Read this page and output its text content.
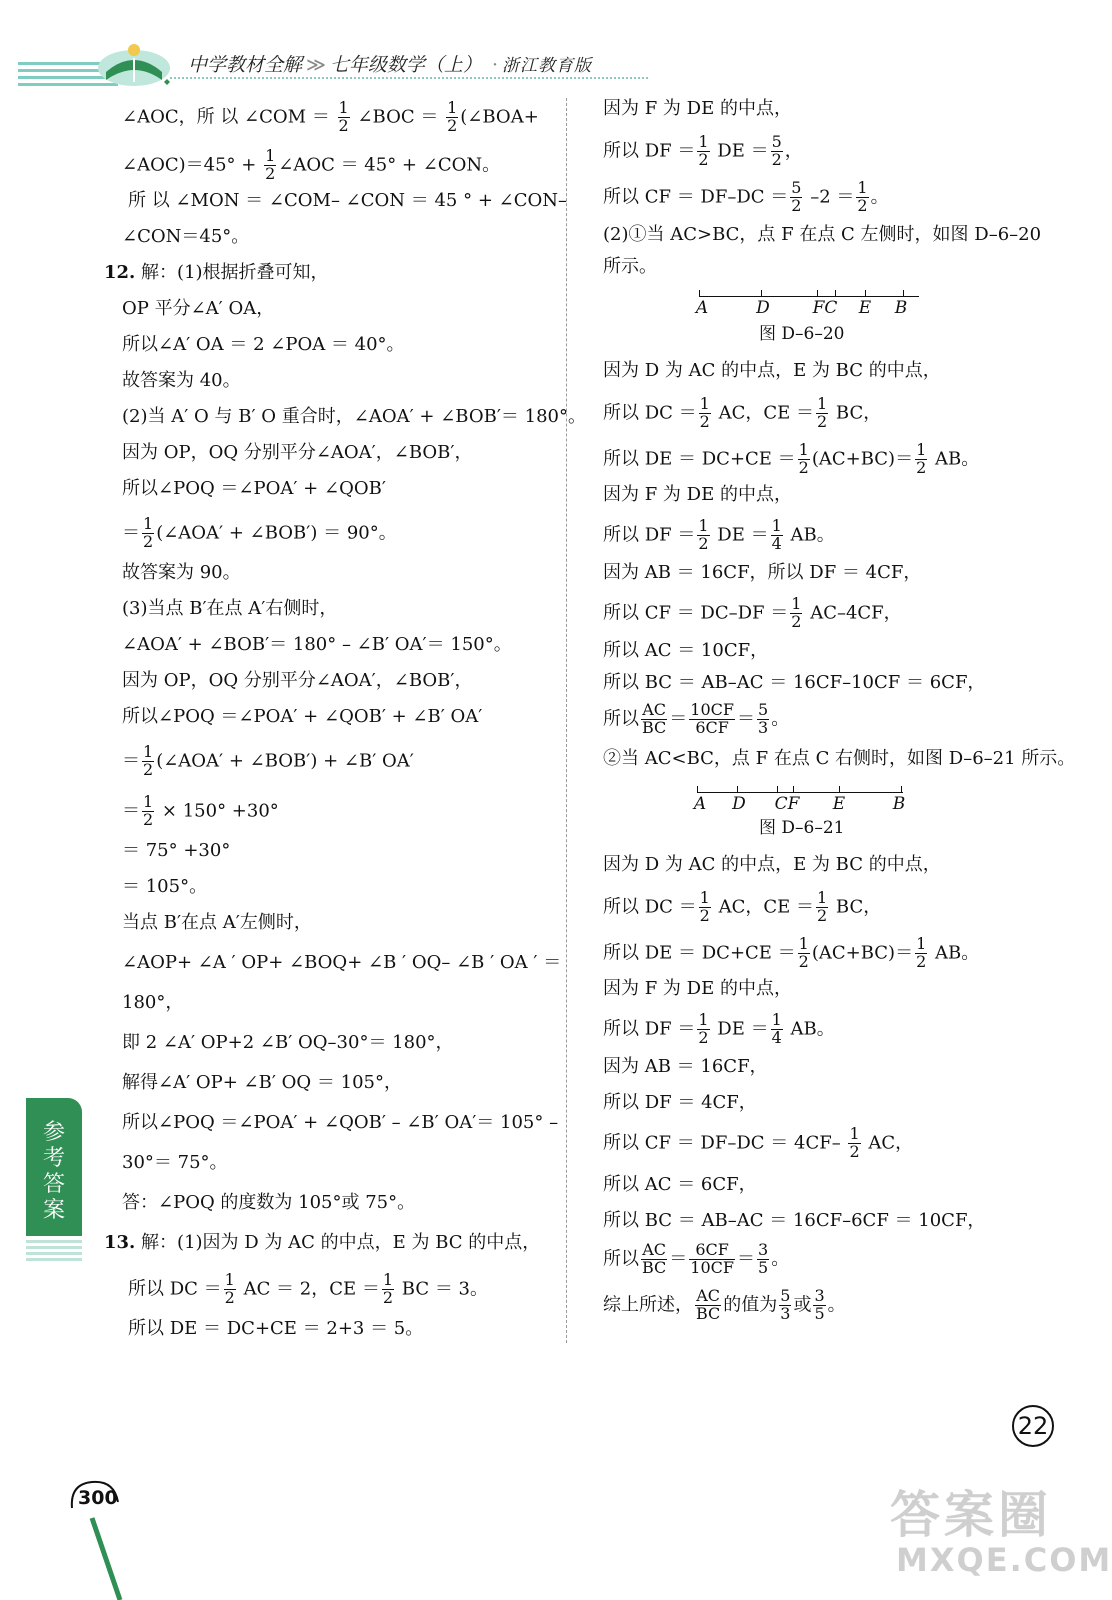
中学教材全解 ≫ 七年级数学（上） · 浙江教育版
∠AOC，所 以 ∠COM ＝ $\frac{1}{2}$ ∠BOC ＝ $\frac{1}{2}$ (∠BOA+
∠AOC)＝45° + $\frac{1}{2}$ ∠AOC ＝ 45° + ∠CON。
所 以 ∠MON ＝ ∠COM– ∠CON ＝ 45 ° + ∠CON–
∠CON＝45°。
12. 解：(1)根据折叠可知，
OP 平分∠A′ OA，
所以∠A′ OA ＝ 2 ∠POA ＝ 40°。
故答案为 40。
(2)当 A′ O 与 B′ O 重合时，∠AOA′ + ∠BOB′＝ 180°。
因为 OP，OQ 分别平分∠AOA′，∠BOB′，
所以∠POQ ＝∠POA′ + ∠QOB′
＝ $\frac{1}{2}$ (∠AOA′ + ∠BOB′) ＝ 90°。
故答案为 90。
(3)当点 B′在点 A′右侧时，
∠AOA′ + ∠BOB′＝ 180° – ∠B′ OA′＝ 150°。
因为 OP，OQ 分别平分∠AOA′，∠BOB′，
所以∠POQ ＝∠POA′ + ∠QOB′ + ∠B′ OA′
＝ $\frac{1}{2}$ (∠AOA′ + ∠BOB′) + ∠B′ OA′
＝ $\frac{1}{2} \times 150^\circ +30^\circ$
＝ 75° +30°
＝ 105°。
当点 B′在点 A′左侧时，
∠AOP+ ∠A ′ OP+ ∠BOQ+ ∠B ′ OQ– ∠B ′ OA ′ ＝
180°，
即 2 ∠A′ OP+2 ∠B′ OQ–30°＝ 180°，
解得∠A′ OP+ ∠B′ OQ ＝ 105°，
所以∠POQ ＝∠POA′ + ∠QOB′ – ∠B′ OA′＝ 105° –
30°＝ 75°。
答：∠POQ 的度数为 105°或 75°。
13. 解：(1)因为 D 为 AC 的中点，E 为 BC 的中点，
所以 DC ＝ $\frac{1}{2}$ AC ＝ 2，CE ＝ $\frac{1}{2}$ BC ＝ 3。
所以 DE ＝ DC+CE ＝ 2+3 ＝ 5。
因为 F 为 DE 的中点，
所以 DF ＝ $\frac{1}{2}$ DE ＝ $\frac{5}{2}$ ，
所以 CF ＝ $DF-DC = \frac{5}{2} -2 = \frac{1}{2}$ 。
(2)①当 AC>BC，点 F 在点 C 左侧时，如图 D–6–20
所示。
A	D	FC E B
图 D–6–20
因为 D 为 AC 的中点，E 为 BC 的中点，
所以 DC ＝ $\frac{1}{2}$ AC，CE ＝ $\frac{1}{2}$ BC，
所以 DE ＝ $DC+CE = \frac{1}{2} (AC+BC)= \frac{1}{2}$ AB。
因为 F 为 DE 的中点，
所以 DF ＝ $\frac{1}{2}$ DE ＝ $\frac{1}{4}$ AB。
因为 AB ＝ 16CF，所以 DF ＝ 4CF，
所以 CF ＝ $DC-DF = \frac{1}{2} AC-4CF$，
所以 AC ＝ 10CF，
所以 BC ＝ AB–AC ＝ 16CF–10CF ＝ 6CF，
所以 $\frac{AC}{BC} = \frac{10CF}{6CF} = \frac{5}{3}$ 。
②当 AC<BC，点 F 在点 C 右侧时，如图 D–6–21 所示。
A D CF E	B
图 D–6–21
因为 D 为 AC 的中点，E 为 BC 的中点，
所以 DC ＝ $\frac{1}{2}$ AC，CE ＝ $\frac{1}{2}$ BC，
所以 DE ＝ $DC+CE = \frac{1}{2} (AC+BC)= \frac{1}{2}$ AB。
因为 F 为 DE 的中点，
所以 DF ＝ $\frac{1}{2}$ DE ＝ $\frac{1}{4}$ AB。
因为 AB ＝ 16CF，
所以 DF ＝ 4CF，
所以 CF ＝ $DF-DC = 4CF- \frac{1}{2}$ AC，
所以 AC ＝ 6CF，
所以 BC ＝ AB–AC ＝ 16CF–6CF ＝ 10CF，
所以 $\frac{AC}{BC} = \frac{6CF}{10CF} = \frac{3}{5}$ 。
综上所述， $\frac{AC}{BC}$ 的值为 $\frac{5}{3}$ 或 $\frac{3}{5}$ 。
参考答案
22
300	答案圈
MXQE.COM
